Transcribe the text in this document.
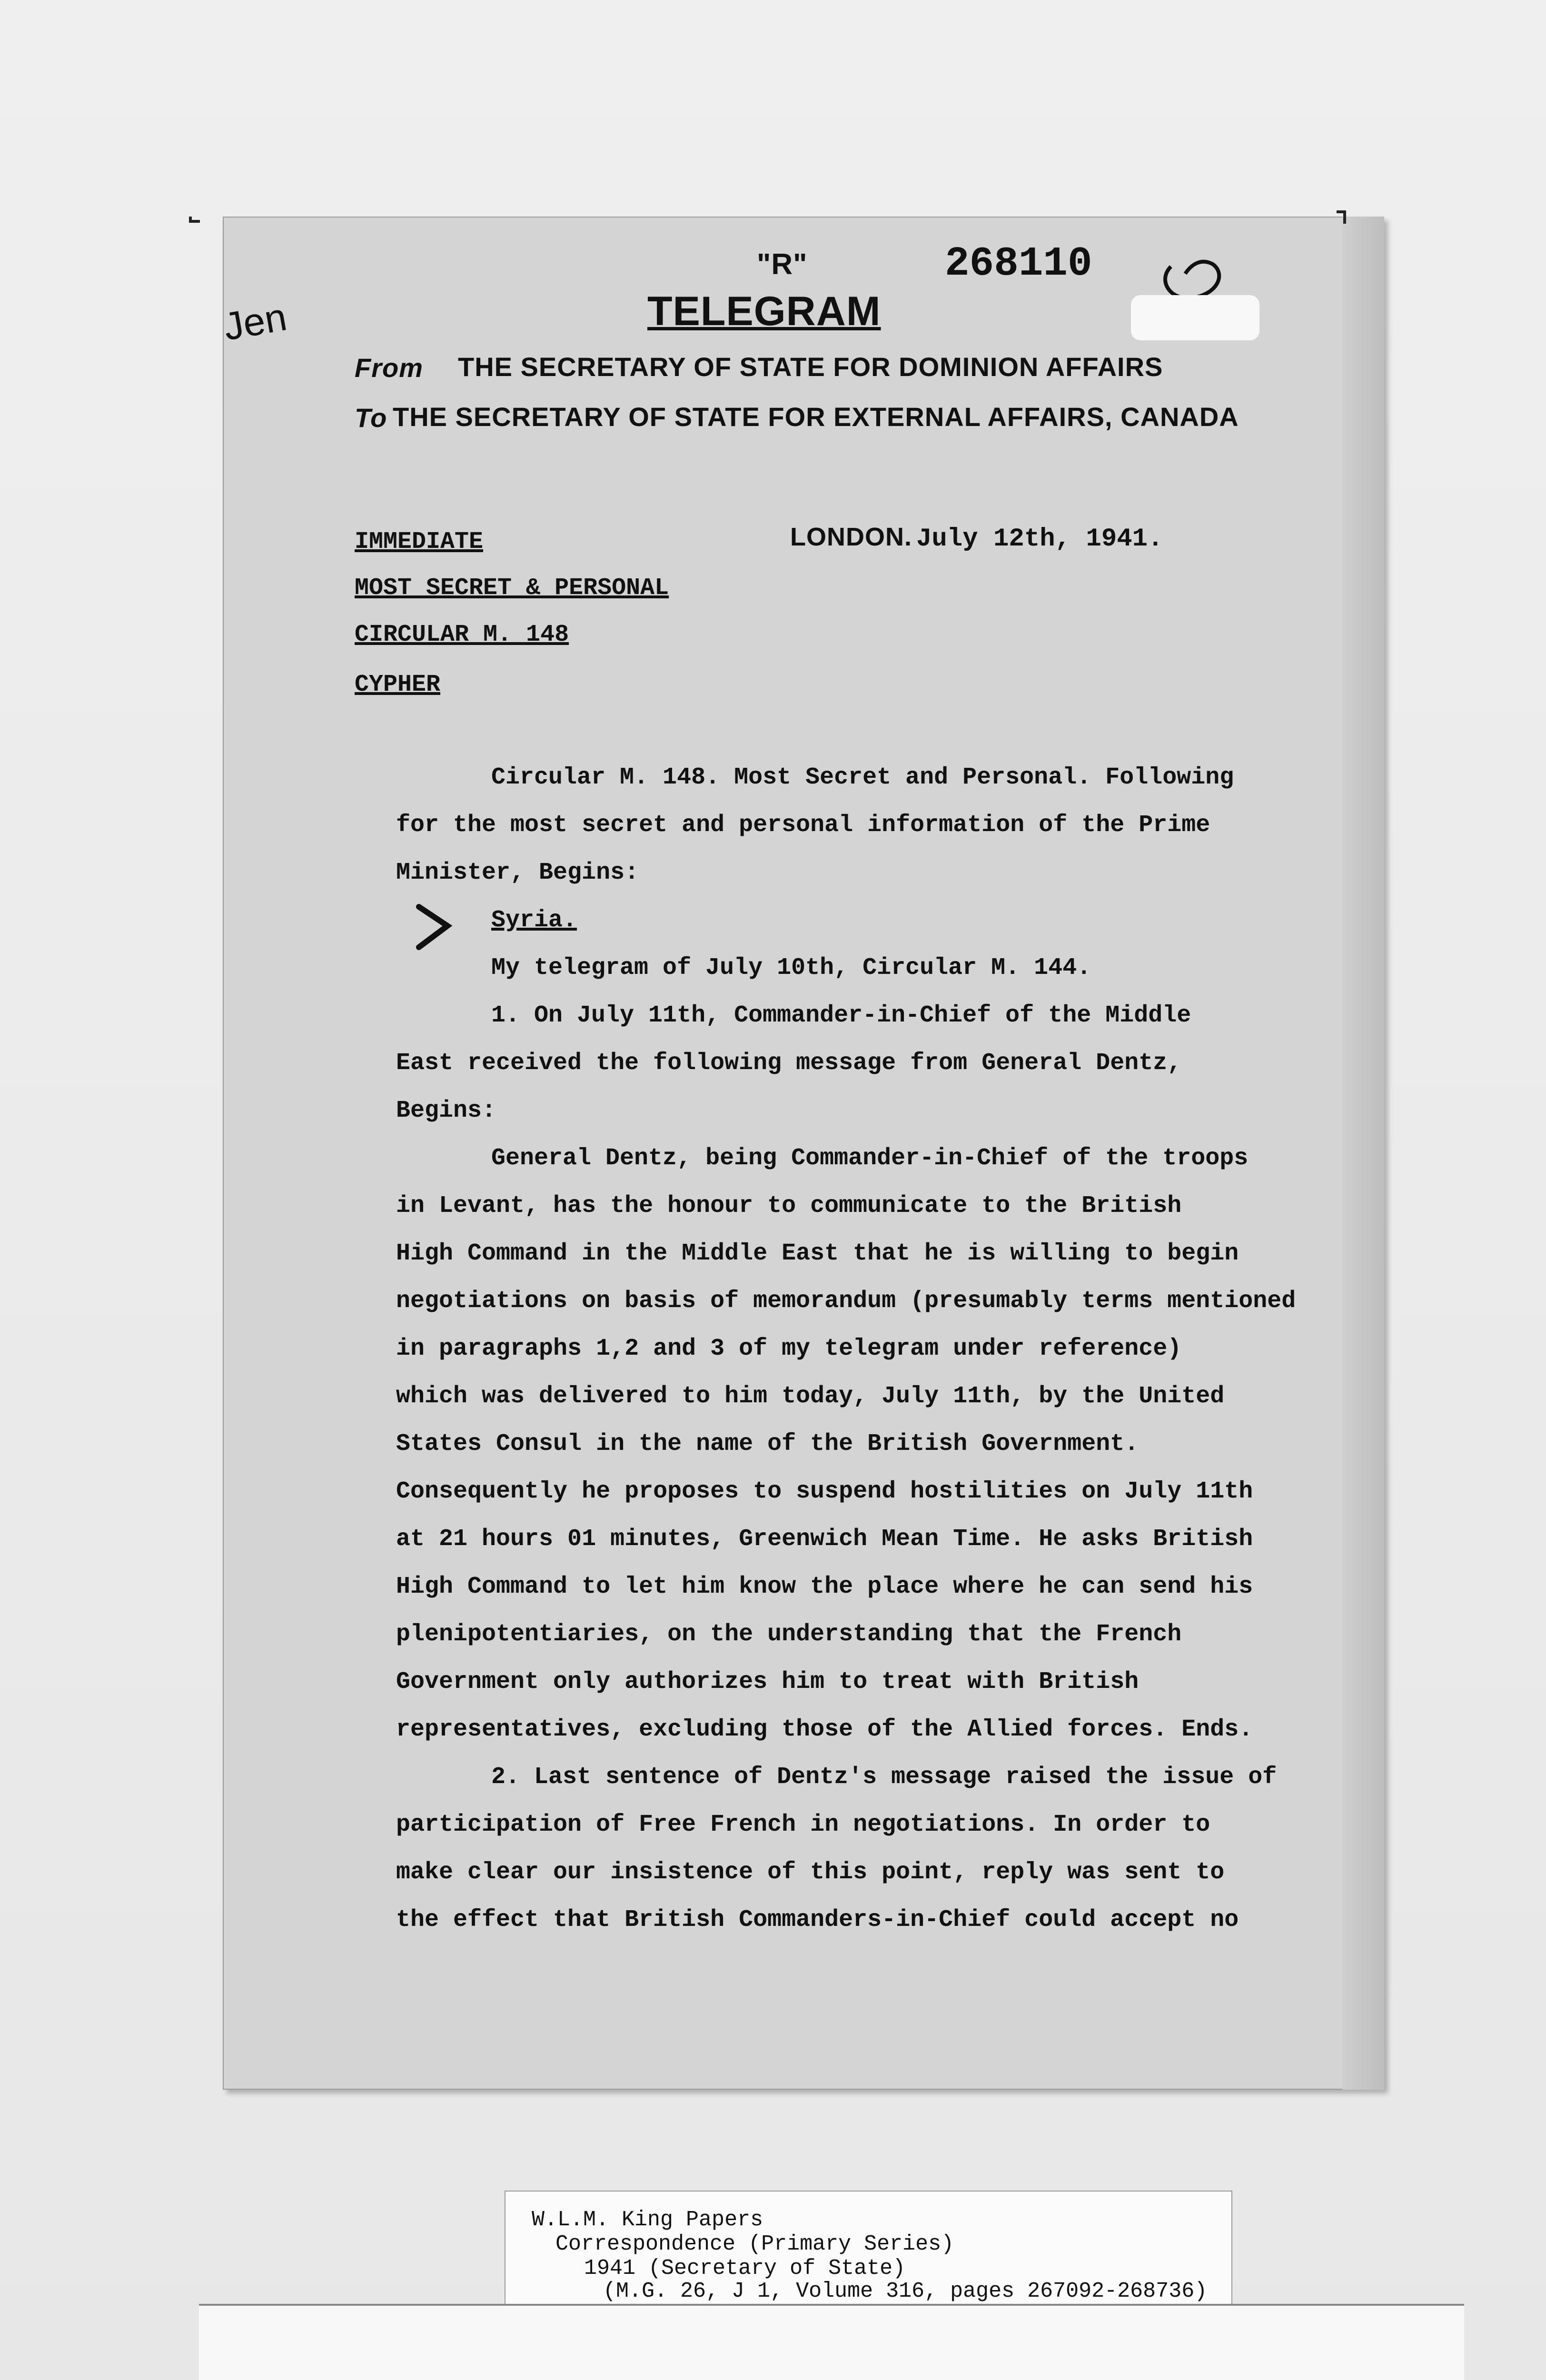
Jen
"R"	268110
TELEGRAM
From THE SECRETARY OF STATE FOR DOMINION AFFAIRS
To THE SECRETARY OF STATE FOR EXTERNAL AFFAIRS, CANADA
LONDON. July 12th, 1941.
IMMEDIATE
MOST SECRET & PERSONAL
CIRCULAR M. 148
CYPHER
Circular M. 148. Most Secret and Personal. Following
for the most secret and personal information of the Prime
Minister, Begins:
Syria.
My telegram of July 10th, Circular M. 144.
1. On July 11th, Commander-in-Chief of the Middle
East received the following message from General Dentz,
Begins:
General Dentz, being Commander-in-Chief of the troops
in Levant, has the honour to communicate to the British
High Command in the Middle East that he is willing to begin
negotiations on basis of memorandum (presumably terms mentioned
in paragraphs 1,2 and 3 of my telegram under reference)
which was delivered to him today, July 11th, by the United
States Consul in the name of the British Government.
Consequently he proposes to suspend hostilities on July 11th
at 21 hours 01 minutes, Greenwich Mean Time. He asks British
High Command to let him know the place where he can send his
plenipotentiaries, on the understanding that the French
Government only authorizes him to treat with British
representatives, excluding those of the Allied forces. Ends.
2. Last sentence of Dentz's message raised the issue of
participation of Free French in negotiations. In order to
make clear our insistence of this point, reply was sent to
the effect that British Commanders-in-Chief could accept no
W.L.M. King Papers
Correspondence (Primary Series)
1941 (Secretary of State)
(M.G. 26, J 1, Volume 316, pages 267092-268736)
